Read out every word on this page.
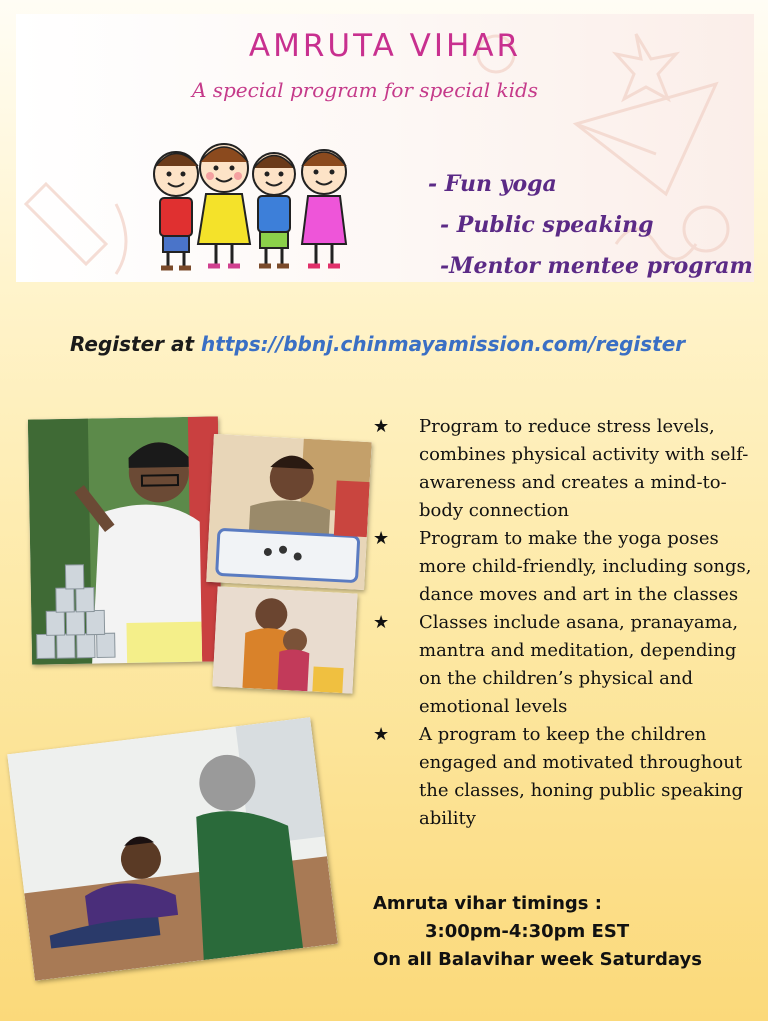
AMRUTA VIHAR
A special program for special kids
- Fun yoga
- Public speaking
-Mentor mentee program
Register at https://bbnj.chinmayamission.com/register
★ Program to reduce stress levels, combines physical activity with self-awareness and creates a mind-to-body connection
★ Program to make the yoga poses more child-friendly, including songs, dance moves and art in the classes
★ Classes include asana, pranayama, mantra and meditation, depending on the children’s physical and emotional levels
★ A program to keep the children engaged and motivated throughout the classes, honing public speaking ability
Amruta vihar timings :
3:00pm-4:30pm EST
On all Balavihar week Saturdays
